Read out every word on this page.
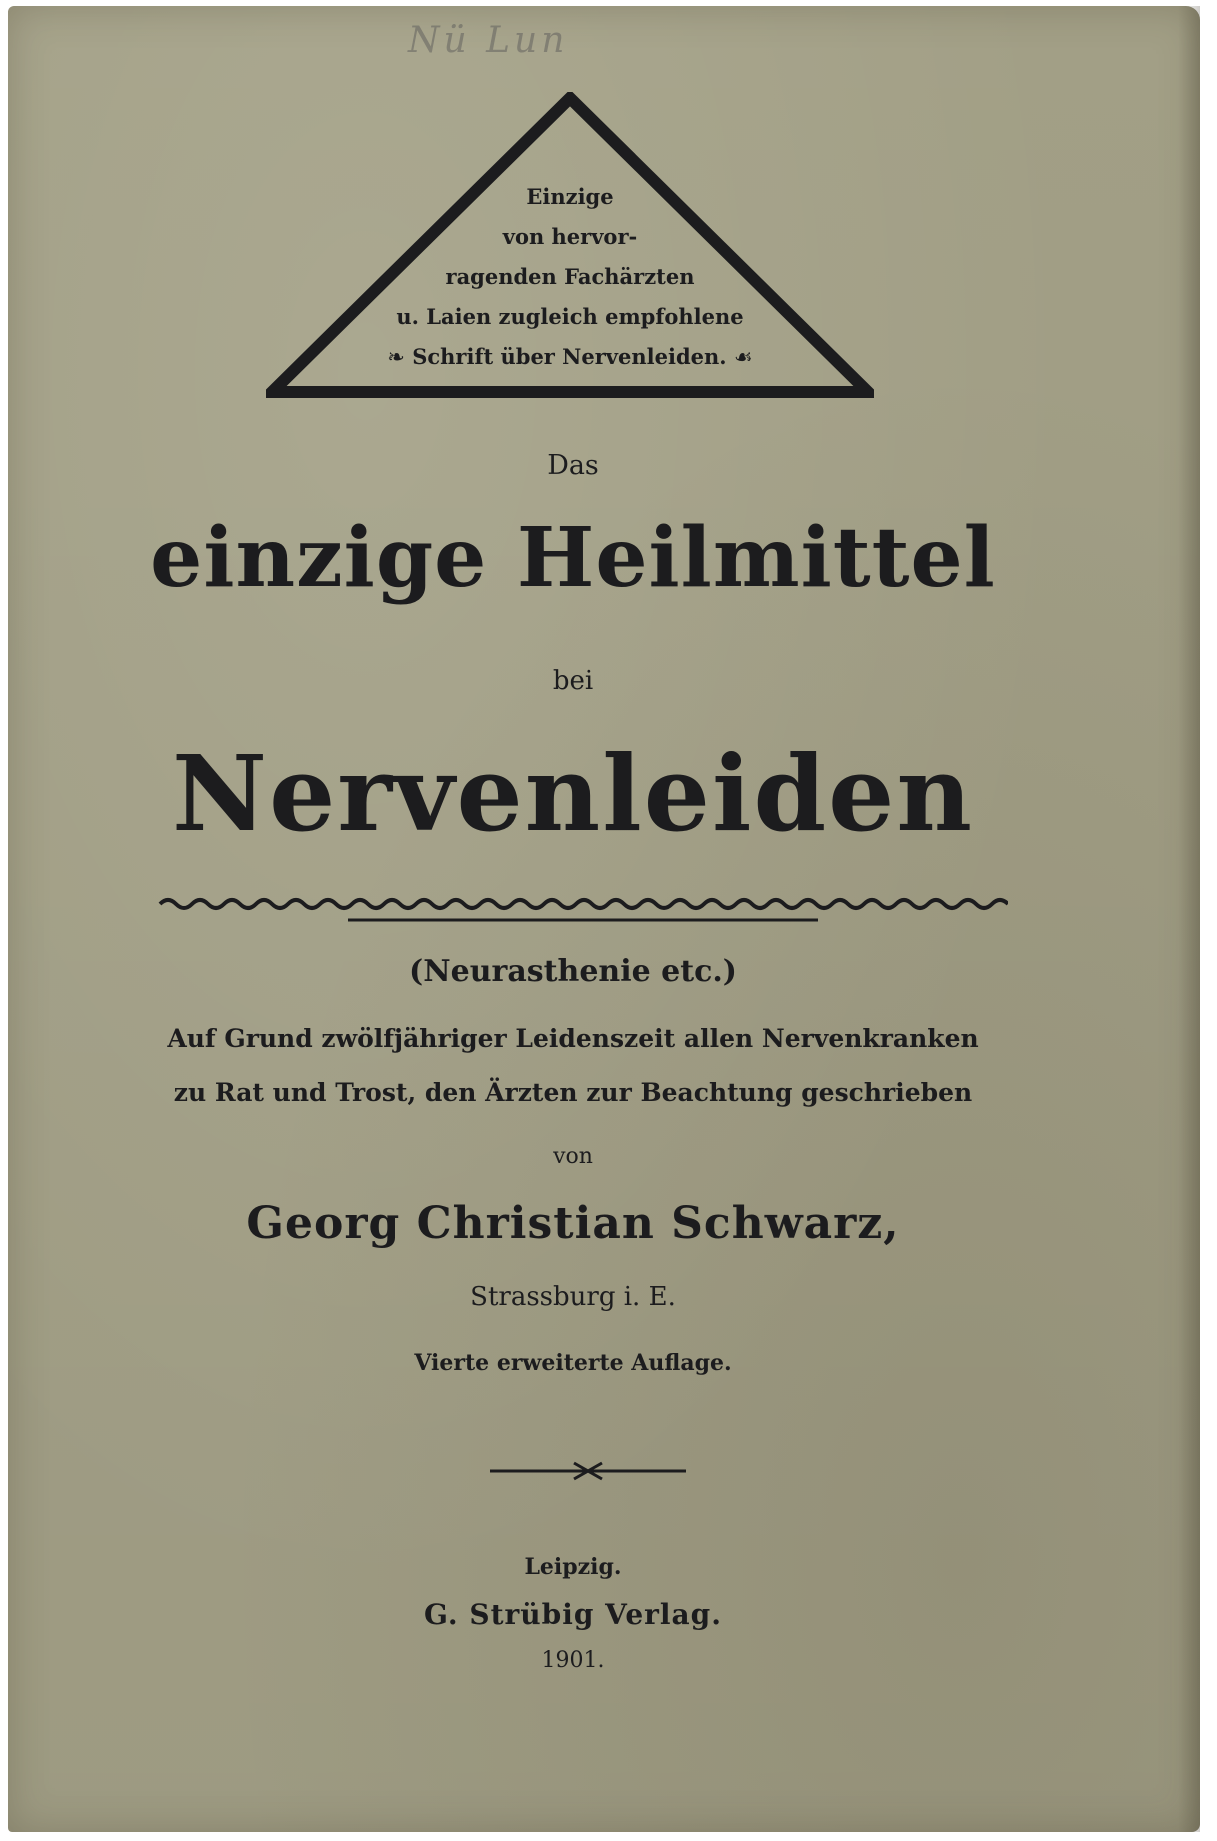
Nü Lun
Einzige
von hervor-
ragenden Fachärzten
u. Laien zugleich empfohlene
❧ Schrift über Nervenleiden. ☙
Das
einzige Heilmittel
bei
Nervenleiden
(Neurasthenie etc.)
Auf Grund zwölfjähriger Leidenszeit allen Nervenkranken
zu Rat und Trost, den Ärzten zur Beachtung geschrieben
von
Georg Christian Schwarz,
Strassburg i. E.
Vierte erweiterte Auflage.
Leipzig.
G. Strübig Verlag.
1901.
